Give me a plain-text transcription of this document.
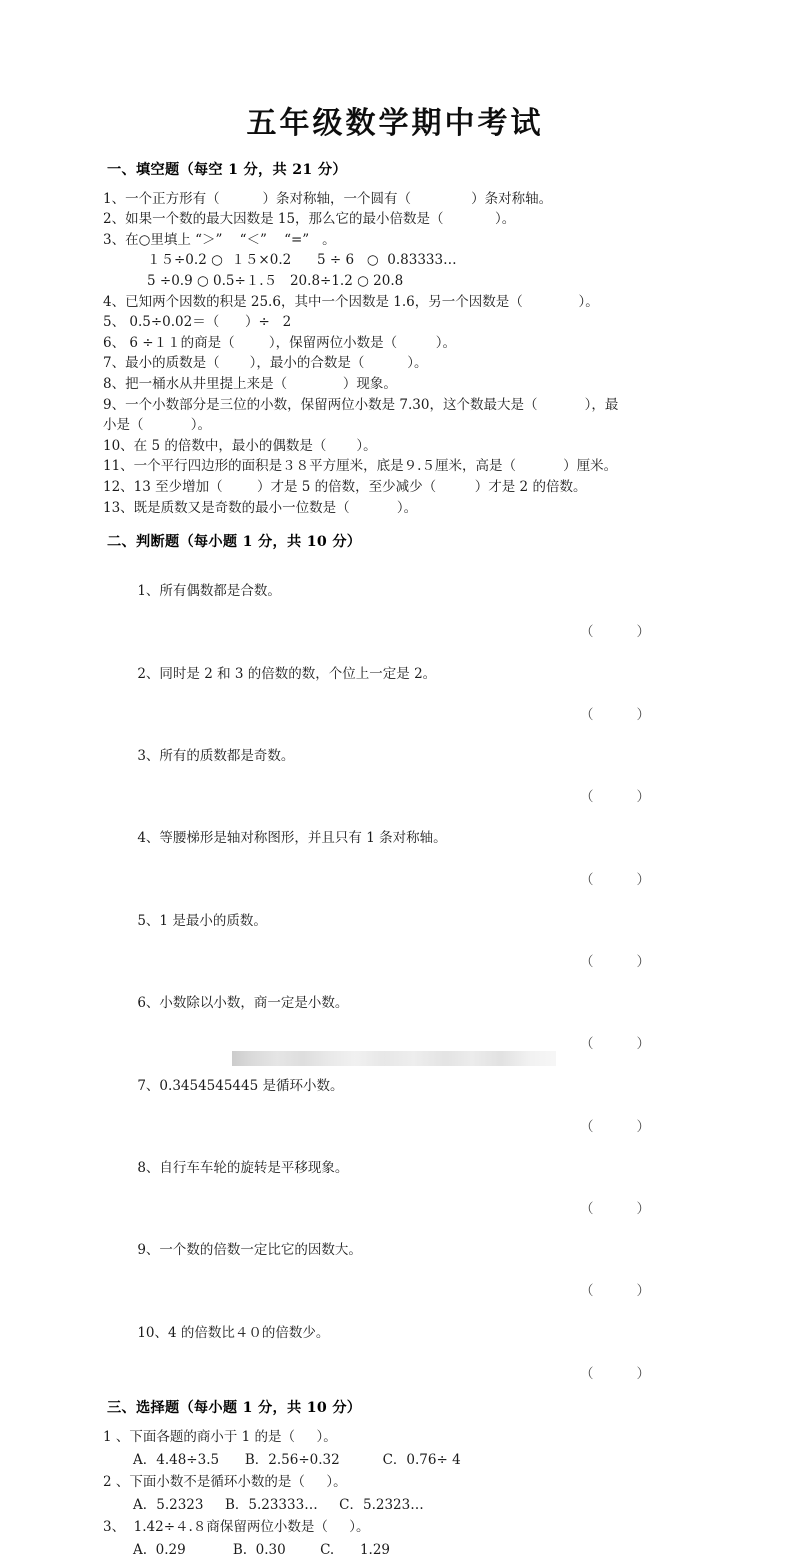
五年级数学期中考试
一、填空题（每空 1 分，共 21 分）
1、一个正方形有（          ）条对称轴，一个圆有（              ）条对称轴。
2、如果一个数的最大因数是 15，那么它的最小倍数是（            ）。
3、在○里填上 “＞”    “＜”    “=”   。
１５÷0.2 ○  １５×0.2      5 ÷ 6   ○  0.83333…
5 ÷0.9 ○ 0.5÷１.５   20.8÷1.2 ○ 20.8
4、已知两个因数的积是 25.6，其中一个因数是 1.6，另一个因数是（             ）。
5、 0.5÷0.02＝（      ）÷   2
6、 6 ÷１１的商是（        ），保留两位小数是（         ）。
7、最小的质数是（       ），最小的合数是（          ）。
8、把一桶水从井里提上来是（             ）现象。
9、一个小数部分是三位的小数，保留两位小数是 7.30，这个数最大是（           ），最
小是（           ）。
10、在 5 的倍数中，最小的偶数是（       ）。
11、一个平行四边形的面积是３８平方厘米，底是９.５厘米，高是（           ）厘米。
12、13 至少增加（        ）才是 5 的倍数，至少减少（         ）才是 2 的倍数。
13、既是质数又是奇数的最小一位数是（           ）。
二、判断题（每小题 1 分，共 10 分）

1、所有偶数都是合数。

（	）

2、同时是 2 和 3 的倍数的数，个位上一定是 2。

（	）

3、所有的质数都是奇数。

（	）

4、等腰梯形是轴对称图形，并且只有 1 条对称轴。

（	）

5、1 是最小的质数。

（	）

6、小数除以小数，商一定是小数。

（	）

7、0.3454545445 是循环小数。

（	）

8、自行车车轮的旋转是平移现象。

（	）

9、一个数的倍数一定比它的因数大。

（	）

10、4 的倍数比４０的倍数少。

（	）

三、选择题（每小题 1 分，共 10 分）
1 、下面各题的商小于 1 的是（     ）。
A．4.48÷3.5      B．2.56÷0.32          C．0.76÷ 4
2 、下面小数不是循环小数的是（     ）。
A．5.2323     B．5.23333…     C．5.2323…
3、  1.42÷４.８商保留两位小数是（     ）。
A.  0.29           B.  0.30        C.      1.29
